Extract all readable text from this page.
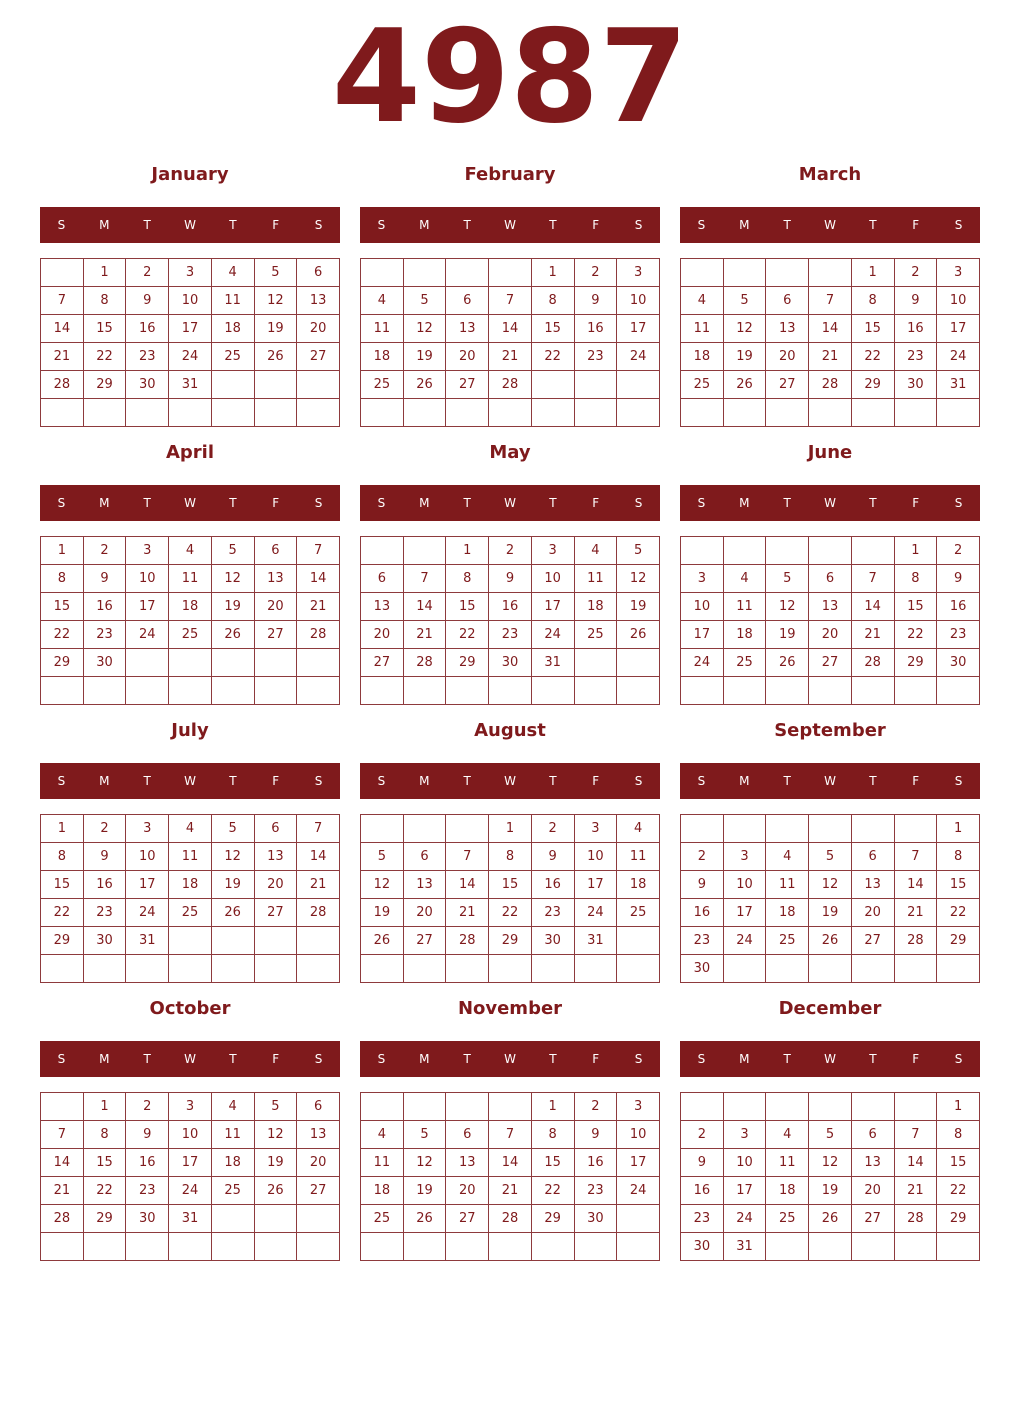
4987
January
S	M	T	W	T	F	S
	1	2	3	4	5	6
7	8	9	10	11	12	13
14	15	16	17	18	19	20
21	22	23	24	25	26	27
28	29	30	31			

February
S	M	T	W	T	F	S
				1	2	3
4	5	6	7	8	9	10
11	12	13	14	15	16	17
18	19	20	21	22	23	24
25	26	27	28			

March
S	M	T	W	T	F	S
				1	2	3
4	5	6	7	8	9	10
11	12	13	14	15	16	17
18	19	20	21	22	23	24
25	26	27	28	29	30	31

April
S	M	T	W	T	F	S
1	2	3	4	5	6	7
8	9	10	11	12	13	14
15	16	17	18	19	20	21
22	23	24	25	26	27	28
29	30					

May
S	M	T	W	T	F	S
		1	2	3	4	5
6	7	8	9	10	11	12
13	14	15	16	17	18	19
20	21	22	23	24	25	26
27	28	29	30	31		

June
S	M	T	W	T	F	S
					1	2
3	4	5	6	7	8	9
10	11	12	13	14	15	16
17	18	19	20	21	22	23
24	25	26	27	28	29	30

July
S	M	T	W	T	F	S
1	2	3	4	5	6	7
8	9	10	11	12	13	14
15	16	17	18	19	20	21
22	23	24	25	26	27	28
29	30	31				

August
S	M	T	W	T	F	S
			1	2	3	4
5	6	7	8	9	10	11
12	13	14	15	16	17	18
19	20	21	22	23	24	25
26	27	28	29	30	31	

September
S	M	T	W	T	F	S
						1
2	3	4	5	6	7	8
9	10	11	12	13	14	15
16	17	18	19	20	21	22
23	24	25	26	27	28	29
30						
October
S	M	T	W	T	F	S
	1	2	3	4	5	6
7	8	9	10	11	12	13
14	15	16	17	18	19	20
21	22	23	24	25	26	27
28	29	30	31			

November
S	M	T	W	T	F	S
				1	2	3
4	5	6	7	8	9	10
11	12	13	14	15	16	17
18	19	20	21	22	23	24
25	26	27	28	29	30	

December
S	M	T	W	T	F	S
						1
2	3	4	5	6	7	8
9	10	11	12	13	14	15
16	17	18	19	20	21	22
23	24	25	26	27	28	29
30	31					
